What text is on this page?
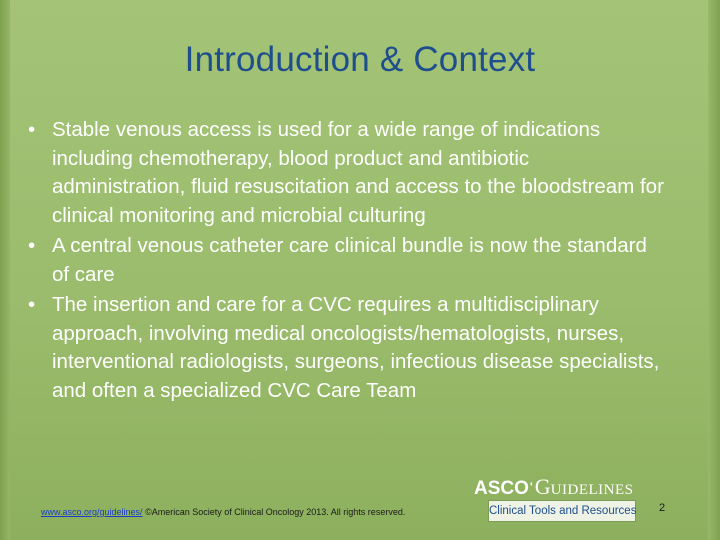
Introduction & Context
• Stable venous access is used for a wide range of indications including chemotherapy, blood product and antibiotic administration, fluid resuscitation and access to the bloodstream for clinical monitoring and microbial culturing
• A central venous catheter care clinical bundle is now the standard of care
• The insertion and care for a CVC requires a multidisciplinary approach, involving medical oncologists/hematologists, nurses, interventional radiologists, surgeons, infectious disease specialists, and often a specialized CVC Care Team
www.asco.org/guidelines/ ©American Society of Clinical Oncology 2013. All rights reserved.
ASCO'GUIDELINES
Clinical Tools and Resources 2
